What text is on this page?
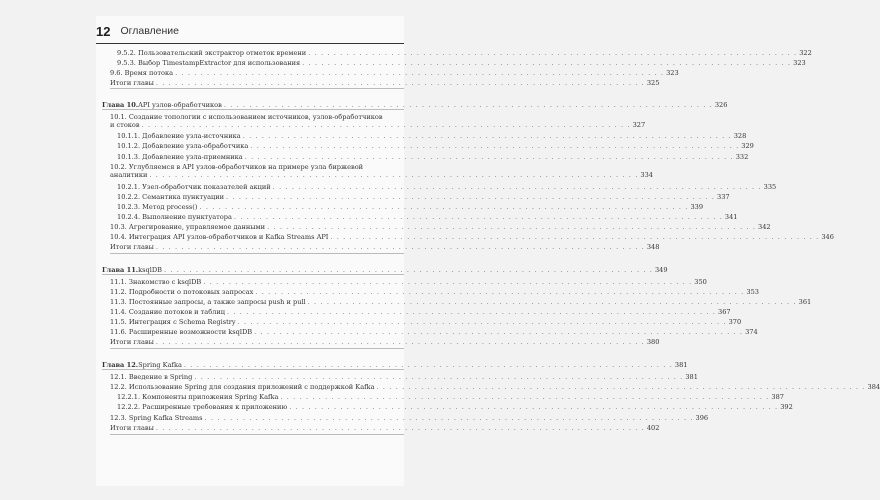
12 Оглавление
9.5.2. Пользовательский экстрактор отметок времени . . . . . . . . . . . . . . . . . . . . . . . . . . . . . . . . . . . . . . . . . . . . . . . . . . . . . . . . . . . . . . . . . . . . . . . . . . . . . 322
9.5.3. Выбор TimestampExtractor для использования . . . . . . . . . . . . . . . . . . . . . . . . . . . . . . . . . . . . . . . . . . . . . . . . . . . . . . . . . . . . . . . . . . . . . . . . . . . . . 323
9.6. Время потока . . . . . . . . . . . . . . . . . . . . . . . . . . . . . . . . . . . . . . . . . . . . . . . . . . . . . . . . . . . . . . . . . . . . . . . . . . . . . 323
Итоги главы . . . . . . . . . . . . . . . . . . . . . . . . . . . . . . . . . . . . . . . . . . . . . . . . . . . . . . . . . . . . . . . . . . . . . . . . . . . . . 325
Глава 10. API узлов-обработчиков . . . . . . . . . . . . . . . . . . . . . . . . . . . . . . . . . . . . . . . . . . . . . . . . . . . . . . . . . . . . . . . . . . . . . . . . . . . . . 326
10.1. Создание топологии с использованием источников, узлов-обработчиков
и стоков . . . . . . . . . . . . . . . . . . . . . . . . . . . . . . . . . . . . . . . . . . . . . . . . . . . . . . . . . . . . . . . . . . . . . . . . . . . . . 327
10.1.1. Добавление узла-источника . . . . . . . . . . . . . . . . . . . . . . . . . . . . . . . . . . . . . . . . . . . . . . . . . . . . . . . . . . . . . . . . . . . . . . . . . . . . . 328
10.1.2. Добавление узла-обработчика . . . . . . . . . . . . . . . . . . . . . . . . . . . . . . . . . . . . . . . . . . . . . . . . . . . . . . . . . . . . . . . . . . . . . . . . . . . . . 329
10.1.3. Добавление узла-приемника . . . . . . . . . . . . . . . . . . . . . . . . . . . . . . . . . . . . . . . . . . . . . . . . . . . . . . . . . . . . . . . . . . . . . . . . . . . . . 332
10.2. Углубляемся в API узлов-обработчиков на примере узла биржевой
аналитики . . . . . . . . . . . . . . . . . . . . . . . . . . . . . . . . . . . . . . . . . . . . . . . . . . . . . . . . . . . . . . . . . . . . . . . . . . . . . 334
10.2.1. Узел-обработчик показателей акций . . . . . . . . . . . . . . . . . . . . . . . . . . . . . . . . . . . . . . . . . . . . . . . . . . . . . . . . . . . . . . . . . . . . . . . . . . . . . 335
10.2.2. Семантика пунктуации . . . . . . . . . . . . . . . . . . . . . . . . . . . . . . . . . . . . . . . . . . . . . . . . . . . . . . . . . . . . . . . . . . . . . . . . . . . . . 337
10.2.3. Метод process() . . . . . . . . . . . . . . . . . . . . . . . . . . . . . . . . . . . . . . . . . . . . . . . . . . . . . . . . . . . . . . . . . . . . . . . . . . . . . 339
10.2.4. Выполнение пунктуатора . . . . . . . . . . . . . . . . . . . . . . . . . . . . . . . . . . . . . . . . . . . . . . . . . . . . . . . . . . . . . . . . . . . . . . . . . . . . . 341
10.3. Агрегирование, управляемое данными . . . . . . . . . . . . . . . . . . . . . . . . . . . . . . . . . . . . . . . . . . . . . . . . . . . . . . . . . . . . . . . . . . . . . . . . . . . . . 342
10.4. Интеграция API узлов-обработчиков и Kafka Streams API . . . . . . . . . . . . . . . . . . . . . . . . . . . . . . . . . . . . . . . . . . . . . . . . . . . . . . . . . . . . . . . . . . . . . . . . . . . . . 346
Итоги главы . . . . . . . . . . . . . . . . . . . . . . . . . . . . . . . . . . . . . . . . . . . . . . . . . . . . . . . . . . . . . . . . . . . . . . . . . . . . . 348
Глава 11. ksqlDB . . . . . . . . . . . . . . . . . . . . . . . . . . . . . . . . . . . . . . . . . . . . . . . . . . . . . . . . . . . . . . . . . . . . . . . . . . . . . 349
11.1. Знакомство с ksqlDB . . . . . . . . . . . . . . . . . . . . . . . . . . . . . . . . . . . . . . . . . . . . . . . . . . . . . . . . . . . . . . . . . . . . . . . . . . . . . 350
11.2. Подробности о потоковых запросах . . . . . . . . . . . . . . . . . . . . . . . . . . . . . . . . . . . . . . . . . . . . . . . . . . . . . . . . . . . . . . . . . . . . . . . . . . . . . 353
11.3. Постоянные запросы, а также запросы push и pull . . . . . . . . . . . . . . . . . . . . . . . . . . . . . . . . . . . . . . . . . . . . . . . . . . . . . . . . . . . . . . . . . . . . . . . . . . . . . 361
11.4. Создание потоков и таблиц . . . . . . . . . . . . . . . . . . . . . . . . . . . . . . . . . . . . . . . . . . . . . . . . . . . . . . . . . . . . . . . . . . . . . . . . . . . . . 367
11.5. Интеграция с Schema Registry . . . . . . . . . . . . . . . . . . . . . . . . . . . . . . . . . . . . . . . . . . . . . . . . . . . . . . . . . . . . . . . . . . . . . . . . . . . . . 370
11.6. Расширенные возможности ksqlDB . . . . . . . . . . . . . . . . . . . . . . . . . . . . . . . . . . . . . . . . . . . . . . . . . . . . . . . . . . . . . . . . . . . . . . . . . . . . . 374
Итоги главы . . . . . . . . . . . . . . . . . . . . . . . . . . . . . . . . . . . . . . . . . . . . . . . . . . . . . . . . . . . . . . . . . . . . . . . . . . . . . 380
Глава 12. Spring Kafka . . . . . . . . . . . . . . . . . . . . . . . . . . . . . . . . . . . . . . . . . . . . . . . . . . . . . . . . . . . . . . . . . . . . . . . . . . . . . 381
12.1. Введение в Spring . . . . . . . . . . . . . . . . . . . . . . . . . . . . . . . . . . . . . . . . . . . . . . . . . . . . . . . . . . . . . . . . . . . . . . . . . . . . . 381
12.2. Использование Spring для создания приложений с поддержкой Kafka . . . . . . . . . . . . . . . . . . . . . . . . . . . . . . . . . . . . . . . . . . . . . . . . . . . . . . . . . . . . . . . . . . . . . . . . . . . . . 384
12.2.1. Компоненты приложения Spring Kafka . . . . . . . . . . . . . . . . . . . . . . . . . . . . . . . . . . . . . . . . . . . . . . . . . . . . . . . . . . . . . . . . . . . . . . . . . . . . . 387
12.2.2. Расширенные требования к приложению . . . . . . . . . . . . . . . . . . . . . . . . . . . . . . . . . . . . . . . . . . . . . . . . . . . . . . . . . . . . . . . . . . . . . . . . . . . . . 392
12.3. Spring Kafka Streams . . . . . . . . . . . . . . . . . . . . . . . . . . . . . . . . . . . . . . . . . . . . . . . . . . . . . . . . . . . . . . . . . . . . . . . . . . . . . 396
Итоги главы . . . . . . . . . . . . . . . . . . . . . . . . . . . . . . . . . . . . . . . . . . . . . . . . . . . . . . . . . . . . . . . . . . . . . . . . . . . . . 402
